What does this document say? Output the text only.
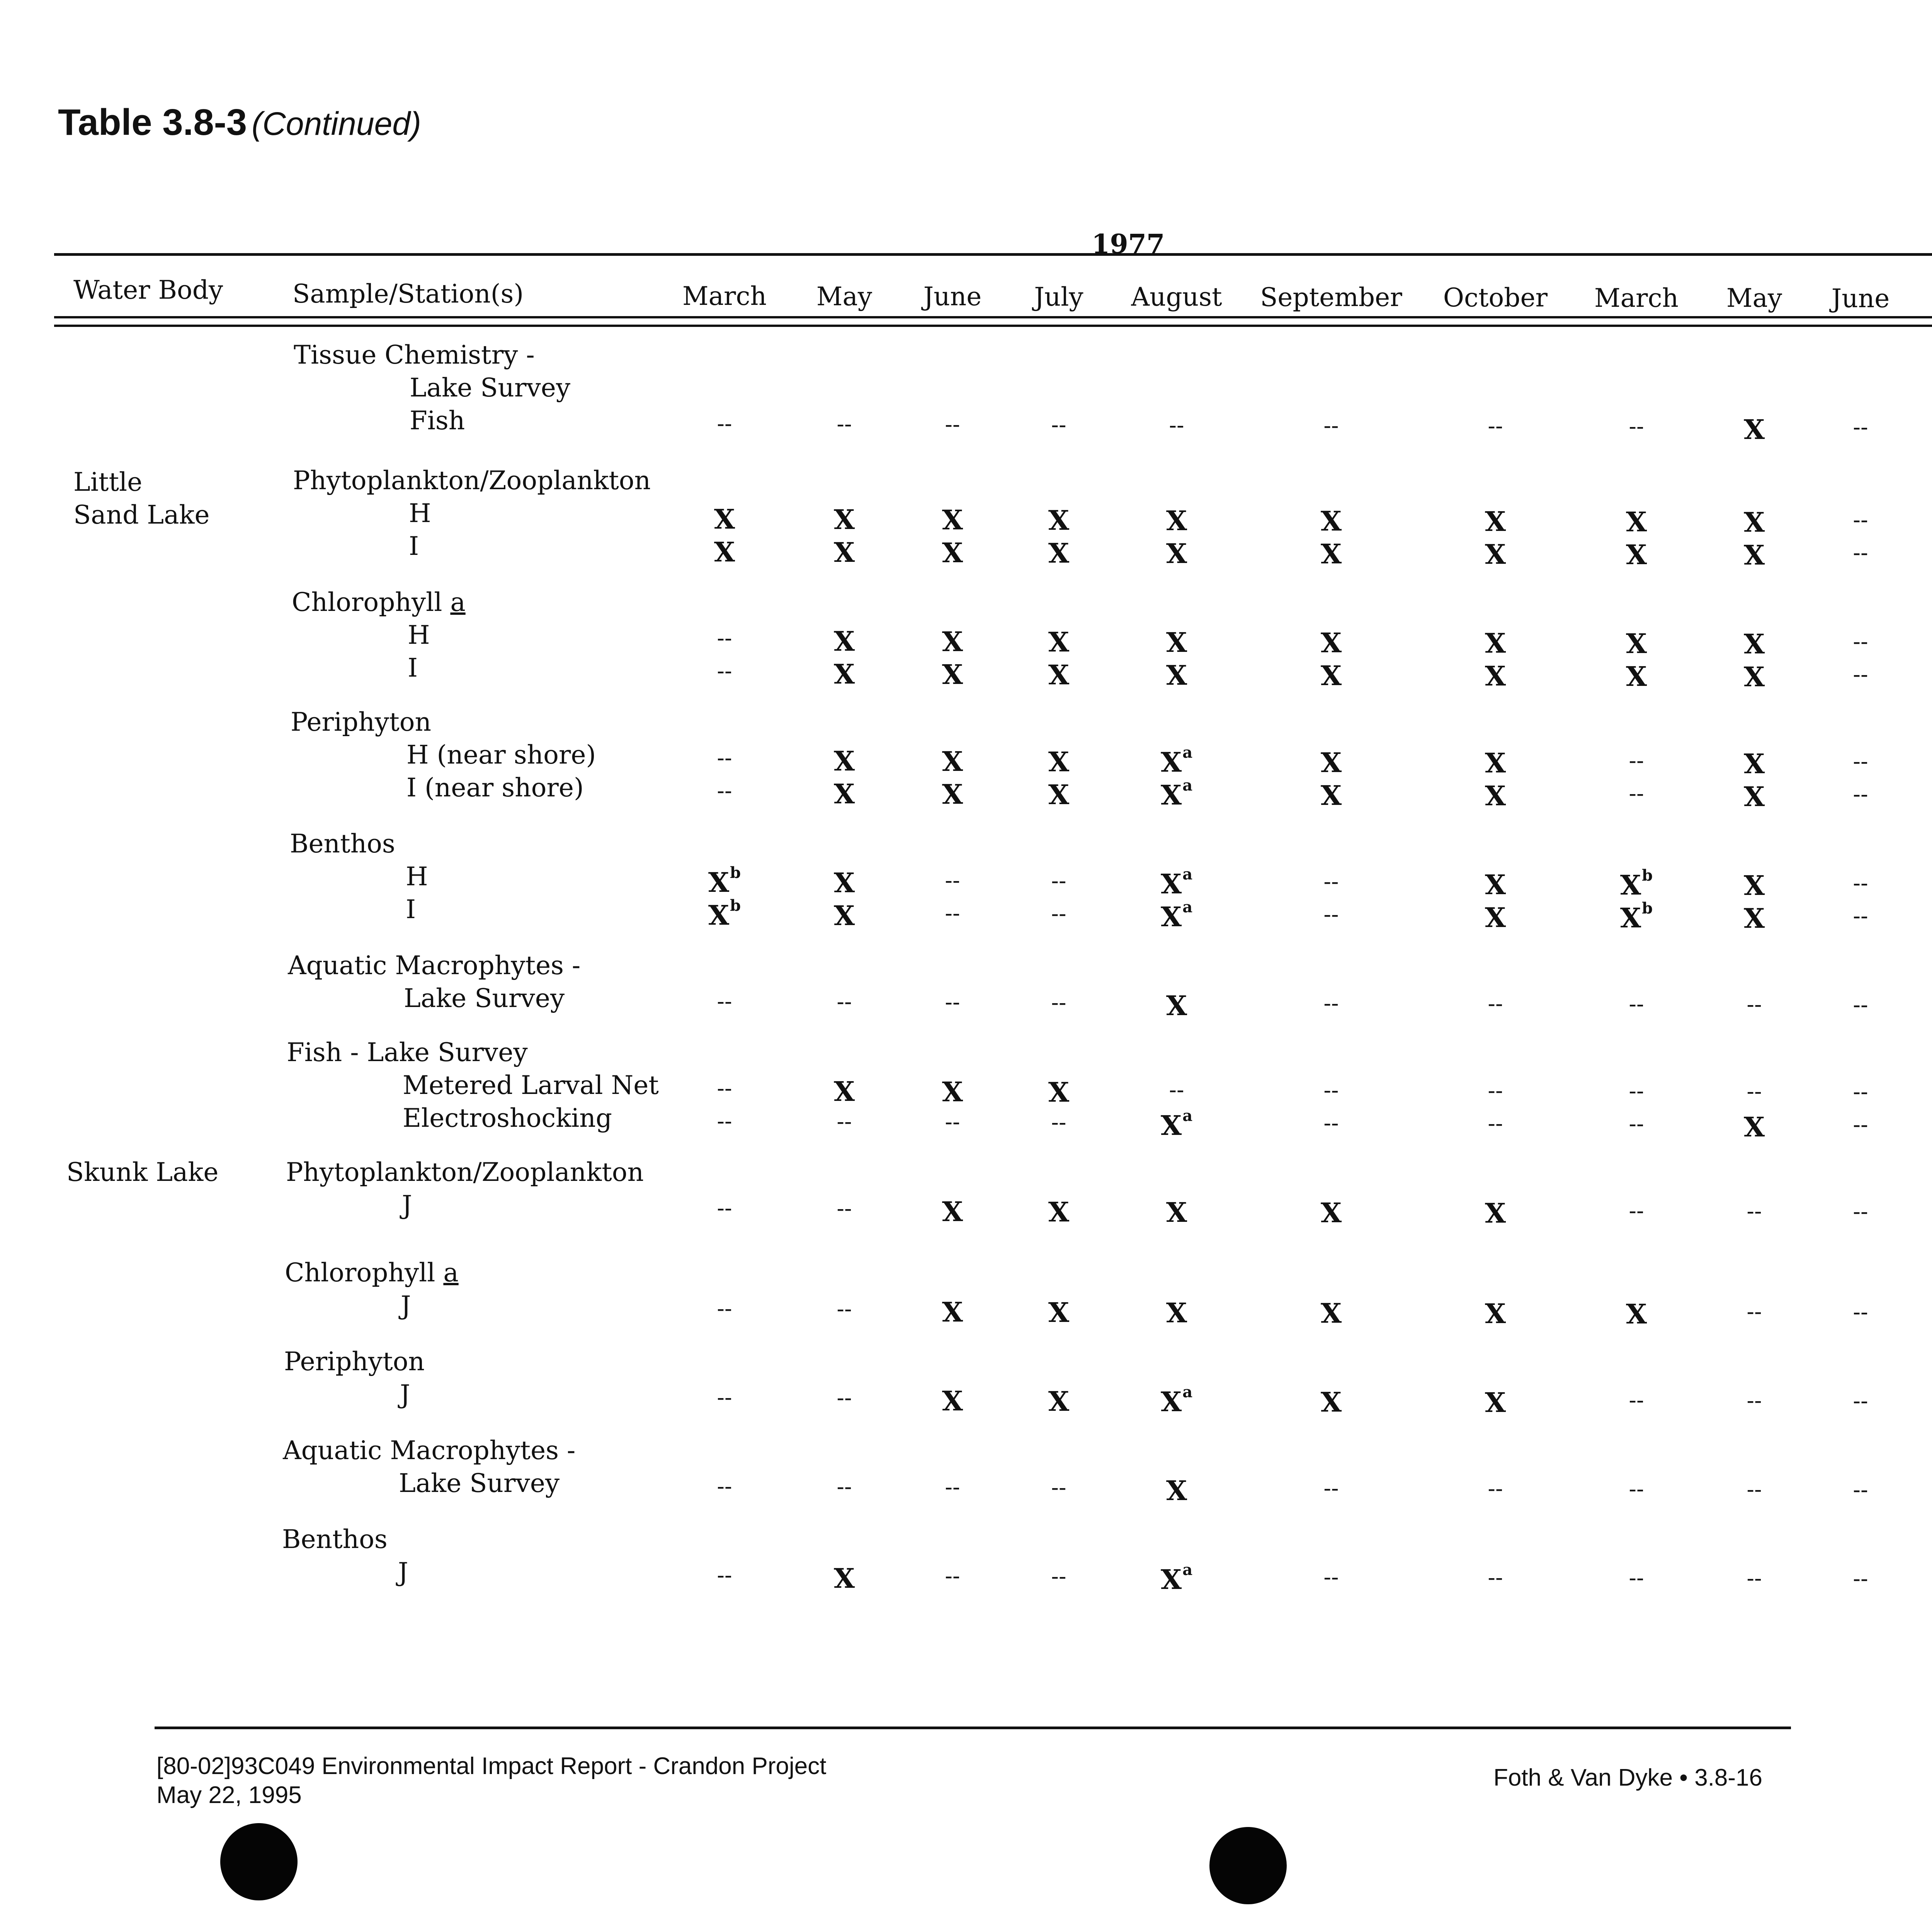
Table 3.8-3 (Continued)
1977
Water Body	Sample/Station(s)	March	May	June	July	August	September	October	March	May	June
Tissue Chemistry -
Lake Survey
Fish	--	--	--	--	--	--	--	--	X	--
Little Sand Lake
Phytoplankton/Zooplankton
H	X	X	X	X	X	X	X	X	X	--
I	X	X	X	X	X	X	X	X	X	--
Chlorophyll a
H	--	X	X	X	X	X	X	X	X	--
I	--	X	X	X	X	X	X	X	X	--
Periphyton
H (near shore)	--	X	X	X	$X^a$	X	X	--	X	--
I (near shore)	--	X	X	X	$X^a$	X	X	--	X	--
Benthos
H	$X^b$	X	--	--	$X^a$	--	X	$X^b$	X	--
I	$X^b$	X	--	--	$X^a$	--	X	$X^b$	X	--
Aquatic Macrophytes -
Lake Survey	--	--	--	--	X	--	--	--	--	--
Fish - Lake Survey
Metered Larval Net	--	X	X	X	--	--	--	--	--	--
Electroshocking	--	--	--	--	$X^a$	--	--	--	X	--
Skunk Lake	Phytoplankton/Zooplankton
J	--	--	X	X	X	X	X	--	--	--
Chlorophyll a
J	--	--	X	X	X	X	X	X	--	--
Periphyton
J	--	--	X	X	$X^a$	X	X	--	--	--
Aquatic Macrophytes -
Lake Survey	--	--	--	--	X	--	--	--	--	--
Benthos
J	--	X	--	--	$X^a$	--	--	--	--	--
[80-02]93C049 Environmental Impact Report - Crandon Project
May 22, 1995
Foth & Van Dyke • 3.8-16
